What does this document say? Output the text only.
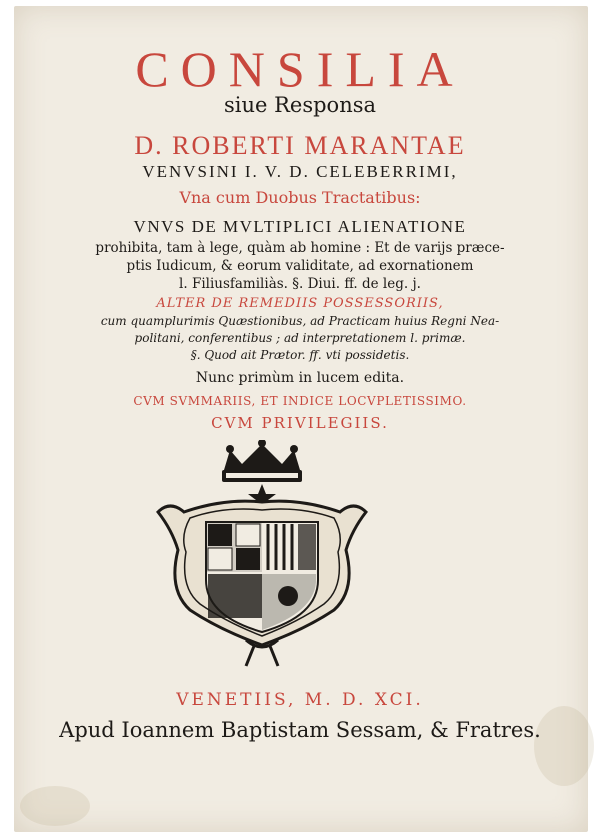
CONSILIA
siue Responsa
D. ROBERTI MARANTAE
VENVSINI I. V. D. CELEBERRIMI,
Vna cum Duobus Tractatibus:
VNVS DE MVLTIPLICI ALIENATIONE
prohibita, tam à lege, quàm ab homine : Et de varijs præce-
ptis Iudicum, & eorum validitate, ad exornationem
l. Filiusfamiliàs. §. Diui. ff. de leg. j.
ALTER DE REMEDIIS POSSESSORIIS,
cum quamplurimis Quæstionibus, ad Practicam huius Regni Nea-
politani, conferentibus ; ad interpretationem l. primæ.
§. Quod ait Prætor. ff. vti possidetis.
Nunc primùm in lucem edita.
CVM SVMMARIIS, ET INDICE LOCVPLETISSIMO.
CVM PRIVILEGIIS.
VENETIIS, M. D. XCI.
Apud Ioannem Baptistam Sessam, & Fratres.
